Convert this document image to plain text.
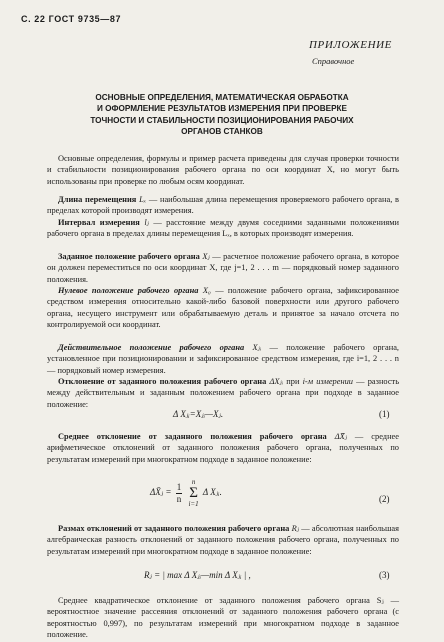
С. 22 ГОСТ 9735—87
ПРИЛОЖЕНИЕ
Справочное
ОСНОВНЫЕ ОПРЕДЕЛЕНИЯ, МАТЕМАТИЧЕСКАЯ ОБРАБОТКА
И ОФОРМЛЕНИЕ РЕЗУЛЬТАТОВ ИЗМЕРЕНИЯ ПРИ ПРОВЕРКЕ
ТОЧНОСТИ И СТАБИЛЬНОСТИ ПОЗИЦИОНИРОВАНИЯ РАБОЧИХ
ОРГАНОВ СТАНКОВ
Основные определения, формулы и пример расчета приведены для случая проверки точности и стабильности позиционирования рабочего органа по оси координат X, но могут быть использованы при проверке по любым осям координат.
Длина перемещения Lₓ — наибольшая длина перемещения проверяемого рабочего органа, в пределах которой производят измерения.
Интервал измерения lⱼ — расстояние между двумя соседними заданными положениями рабочего органа в пределах длины перемещения Lₓ, в которых производят измерения.
Заданное положение рабочего органа Xⱼ — расчетное положение рабочего органа, в которое он должен переместиться по оси координат X, где j=1, 2 . . . m — порядковый номер заданного положения.
Нулевое положение рабочего органа X₀ — положение рабочего органа, зафиксированное средством измерения относительно какой-либо базовой поверхности или другого рабочего органа, несущего инструмент или обрабатываемую деталь и принятое за начало отсчета по контролируемой оси координат.
Действительное положение рабочего органа Xⱼᵢ — положение рабочего органа, установленное при позиционировании и зафиксированное средством измерения, где i=1, 2 . . . n — порядковый номер измерения.
Отклонение от заданного положения рабочего органа ΔXⱼᵢ при i-м измерении — разность между действительным и заданным положением рабочего органа при подходе в заданное положение:
Δ Xⱼᵢ=Xⱼᵢ—Xⱼ.	(1)
Среднее отклонение от заданного положения рабочего органа ΔX̄ⱼ — среднее арифметическое отклонений от заданного положения рабочего органа, полученных по результатам измерений при многократном подходе в заданное положение:
ΔX̄ⱼ = $\frac{1}{n}$
	n
Σ
i=1
Δ Xⱼᵢ.
(2)
Размах отклонений от заданного положения рабочего органа Rⱼ — абсолютная наибольшая алгебраическая разность отклонений от заданного положения рабочего органа, полученных по результатам измерений при многократном подходе в заданное положение:
Rⱼ = | max Δ Xⱼᵢ—min Δ Xⱼᵢ | ,	(3)
Среднее квадратическое отклонение от заданного положения рабочего органа Sⱼ — вероятностное значение рассеяния отклонений от заданного положения рабочего органа (с вероятностью 0,997), по результатам измерений при многократном подходе в заданное положение.
